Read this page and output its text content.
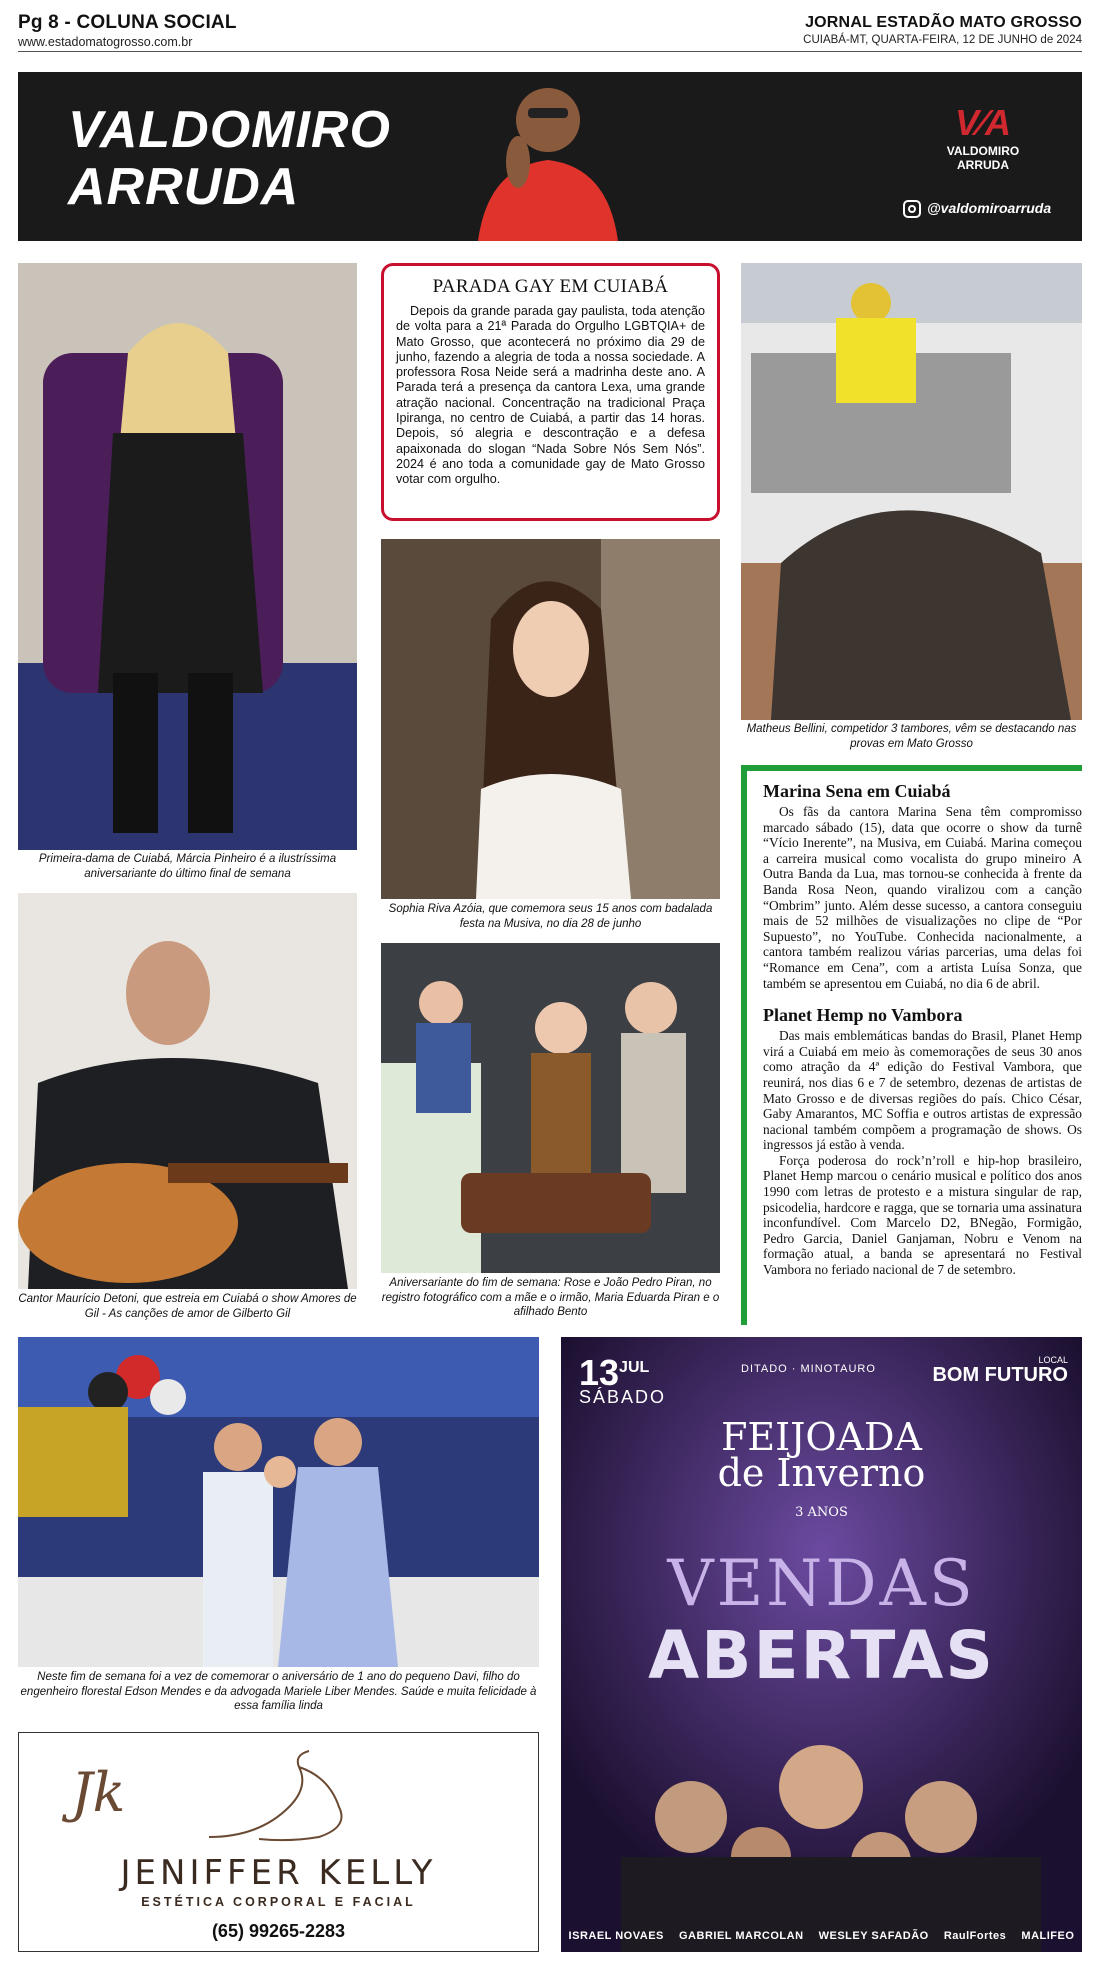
Pg 8 - COLUNA SOCIAL
www.estadomatogrosso.com.br
JORNAL ESTADÃO MATO GROSSO
CUIABÁ-MT, QUARTA-FEIRA, 12 DE JUNHO de 2024
VALDOMIRO
ARRUDA
V⁄A
VALDOMIRO
ARRUDA
@valdomiroarruda
Primeira-dama de Cuiabá, Márcia Pinheiro é a ilustríssima aniversariante do último final de semana
PARADA GAY EM CUIABÁ

Depois da grande parada gay paulista, toda atenção de volta para a 21ª Parada do Orgulho LGBTQIA+ de Mato Grosso, que acontecerá no próximo dia 29 de junho, fazendo a alegria de toda a nossa sociedade. A professora Rosa Neide será a madrinha deste ano. A Parada terá a presença da cantora Lexa, uma grande atração nacional. Concentração na tradicional Praça Ipiranga, no centro de Cuiabá, a partir das 14 horas. Depois, só alegria e descontração e a defesa apaixonada do slogan “Nada Sobre Nós Sem Nós”. 2024 é ano toda a comunidade gay de Mato Grosso votar com orgulho.

Sophia Riva Azóia, que comemora seus 15 anos com badalada festa na Musiva, no dia 28 de junho
Matheus Bellini, competidor 3 tambores, vêm se destacando nas provas em Mato Grosso
Marina Sena em Cuiabá

Os fãs da cantora Marina Sena têm compromisso marcado sábado (15), data que ocorre o show da turnê “Vício Inerente”, na Musiva, em Cuiabá. Marina começou a carreira musical como vocalista do grupo mineiro A Outra Banda da Lua, mas tornou-se conhecida à frente da Banda Rosa Neon, quando viralizou com a canção “Ombrim” junto. Além desse sucesso, a cantora conseguiu mais de 52 milhões de visualizações no clipe de “Por Supuesto”, no YouTube. Conhecida nacionalmente, a cantora também realizou várias parcerias, uma delas foi “Romance em Cena”, com a artista Luísa Sonza, que também se apresentou em Cuiabá, no dia 6 de abril.

Planet Hemp no Vambora

Das mais emblemáticas bandas do Brasil, Planet Hemp virá a Cuiabá em meio às comemorações de seus 30 anos como atração da 4ª edição do Festival Vambora, que reunirá, nos dias 6 e 7 de setembro, dezenas de artistas de Mato Grosso e de diversas regiões do país. Chico César, Gaby Amarantos, MC Soffia e outros artistas de expressão nacional também compõem a programação de shows. Os ingressos já estão à venda.

Força poderosa do rock’n’roll e hip-hop brasileiro, Planet Hemp marcou o cenário musical e político dos anos 1990 com letras de protesto e a mistura singular de rap, psicodelia, hardcore e ragga, que se tornaria uma assinatura inconfundível. Com Marcelo D2, BNegão, Formigão, Pedro Garcia, Daniel Ganjaman, Nobru e Venom na formação atual, a banda se apresentará no Festival Vambora no feriado nacional de 7 de setembro.

Cantor Maurício Detoni, que estreia em Cuiabá o show Amores de Gil - As canções de amor de Gilberto Gil
Aniversariante do fim de semana: Rose e João Pedro Piran, no registro fotográfico com a mãe e o irmão, Maria Eduarda Piran e o afilhado Bento
Neste fim de semana foi a vez de comemorar o aniversário de 1 ano do pequeno Davi, filho do engenheiro florestal Edson Mendes e da advogada Mariele Liber Mendes. Saúde e muita felicidade à essa família linda
Jk
JENIFFER KELLY
ESTÉTICA CORPORAL E FACIAL
(65) 99265-2283
$13^{JUL}$
SÁBADO
DITADO · MINOTAURO
LOCAL
BOM FUTURO
FEIJOADA
de Inverno
3 ANOS
VENDAS
ABERTAS
ISRAEL NOVAES GABRIEL MARCOLAN WESLEY SAFADÃO RaulFortes MALIFEO
